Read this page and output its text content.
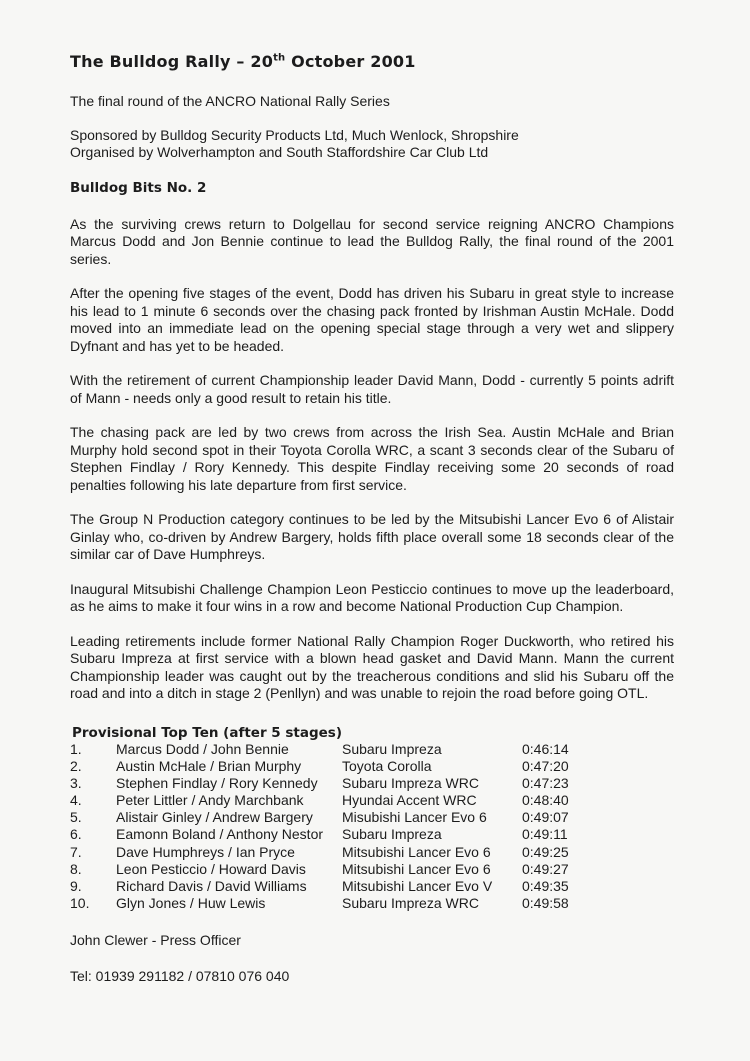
The Bulldog Rally – 20th October 2001

The final round of the ANCRO National Rally Series

Sponsored by Bulldog Security Products Ltd, Much Wenlock, Shropshire

Organised by Wolverhampton and South Staffordshire Car Club Ltd

Bulldog Bits No. 2

As the surviving crews return to Dolgellau for second service reigning ANCRO Champions Marcus Dodd and Jon Bennie continue to lead the Bulldog Rally, the final round of the 2001 series.

After the opening five stages of the event, Dodd has driven his Subaru in great style to increase his lead to 1 minute 6 seconds over the chasing pack fronted by Irishman Austin McHale. Dodd moved into an immediate lead on the opening special stage through a very wet and slippery Dyfnant and has yet to be headed.

With the retirement of current Championship leader David Mann, Dodd - currently 5 points adrift of Mann - needs only a good result to retain his title.

The chasing pack are led by two crews from across the Irish Sea. Austin McHale and Brian Murphy hold second spot in their Toyota Corolla WRC, a scant 3 seconds clear of the Subaru of Stephen Findlay / Rory Kennedy. This despite Findlay receiving some 20 seconds of road penalties following his late departure from first service.

The Group N Production category continues to be led by the Mitsubishi Lancer Evo 6 of Alistair Ginlay who, co-driven by Andrew Bargery, holds fifth place overall some 18 seconds clear of the similar car of Dave Humphreys.

Inaugural Mitsubishi Challenge Champion Leon Pesticcio continues to move up the leaderboard, as he aims to make it four wins in a row and become National Production Cup Champion.

Leading retirements include former National Rally Champion Roger Duckworth, who retired his Subaru Impreza at first service with a blown head gasket and David Mann. Mann the current Championship leader was caught out by the treacherous conditions and slid his Subaru off the road and into a ditch in stage 2 (Penllyn) and was unable to rejoin the road before going OTL.

Provisional Top Ten (after 5 stages)
1.	Marcus Dodd / John Bennie	Subaru Impreza	0:46:14
2.	Austin McHale / Brian Murphy	Toyota Corolla	0:47:20
3.	Stephen Findlay / Rory Kennedy	Subaru Impreza WRC	0:47:23
4.	Peter Littler / Andy Marchbank	Hyundai Accent WRC	0:48:40
5.	Alistair Ginley / Andrew Bargery	Misubishi Lancer Evo 6	0:49:07
6.	Eamonn Boland / Anthony Nestor	Subaru Impreza	0:49:11
7.	Dave Humphreys / Ian Pryce	Mitsubishi Lancer Evo 6	0:49:25
8.	Leon Pesticcio / Howard Davis	Mitsubishi Lancer Evo 6	0:49:27
9.	Richard Davis / David Williams	Mitsubishi Lancer Evo V	0:49:35
10.	Glyn Jones / Huw Lewis	Subaru Impreza WRC	0:49:58
John Clewer - Press Officer
Tel: 01939 291182 / 07810 076 040
